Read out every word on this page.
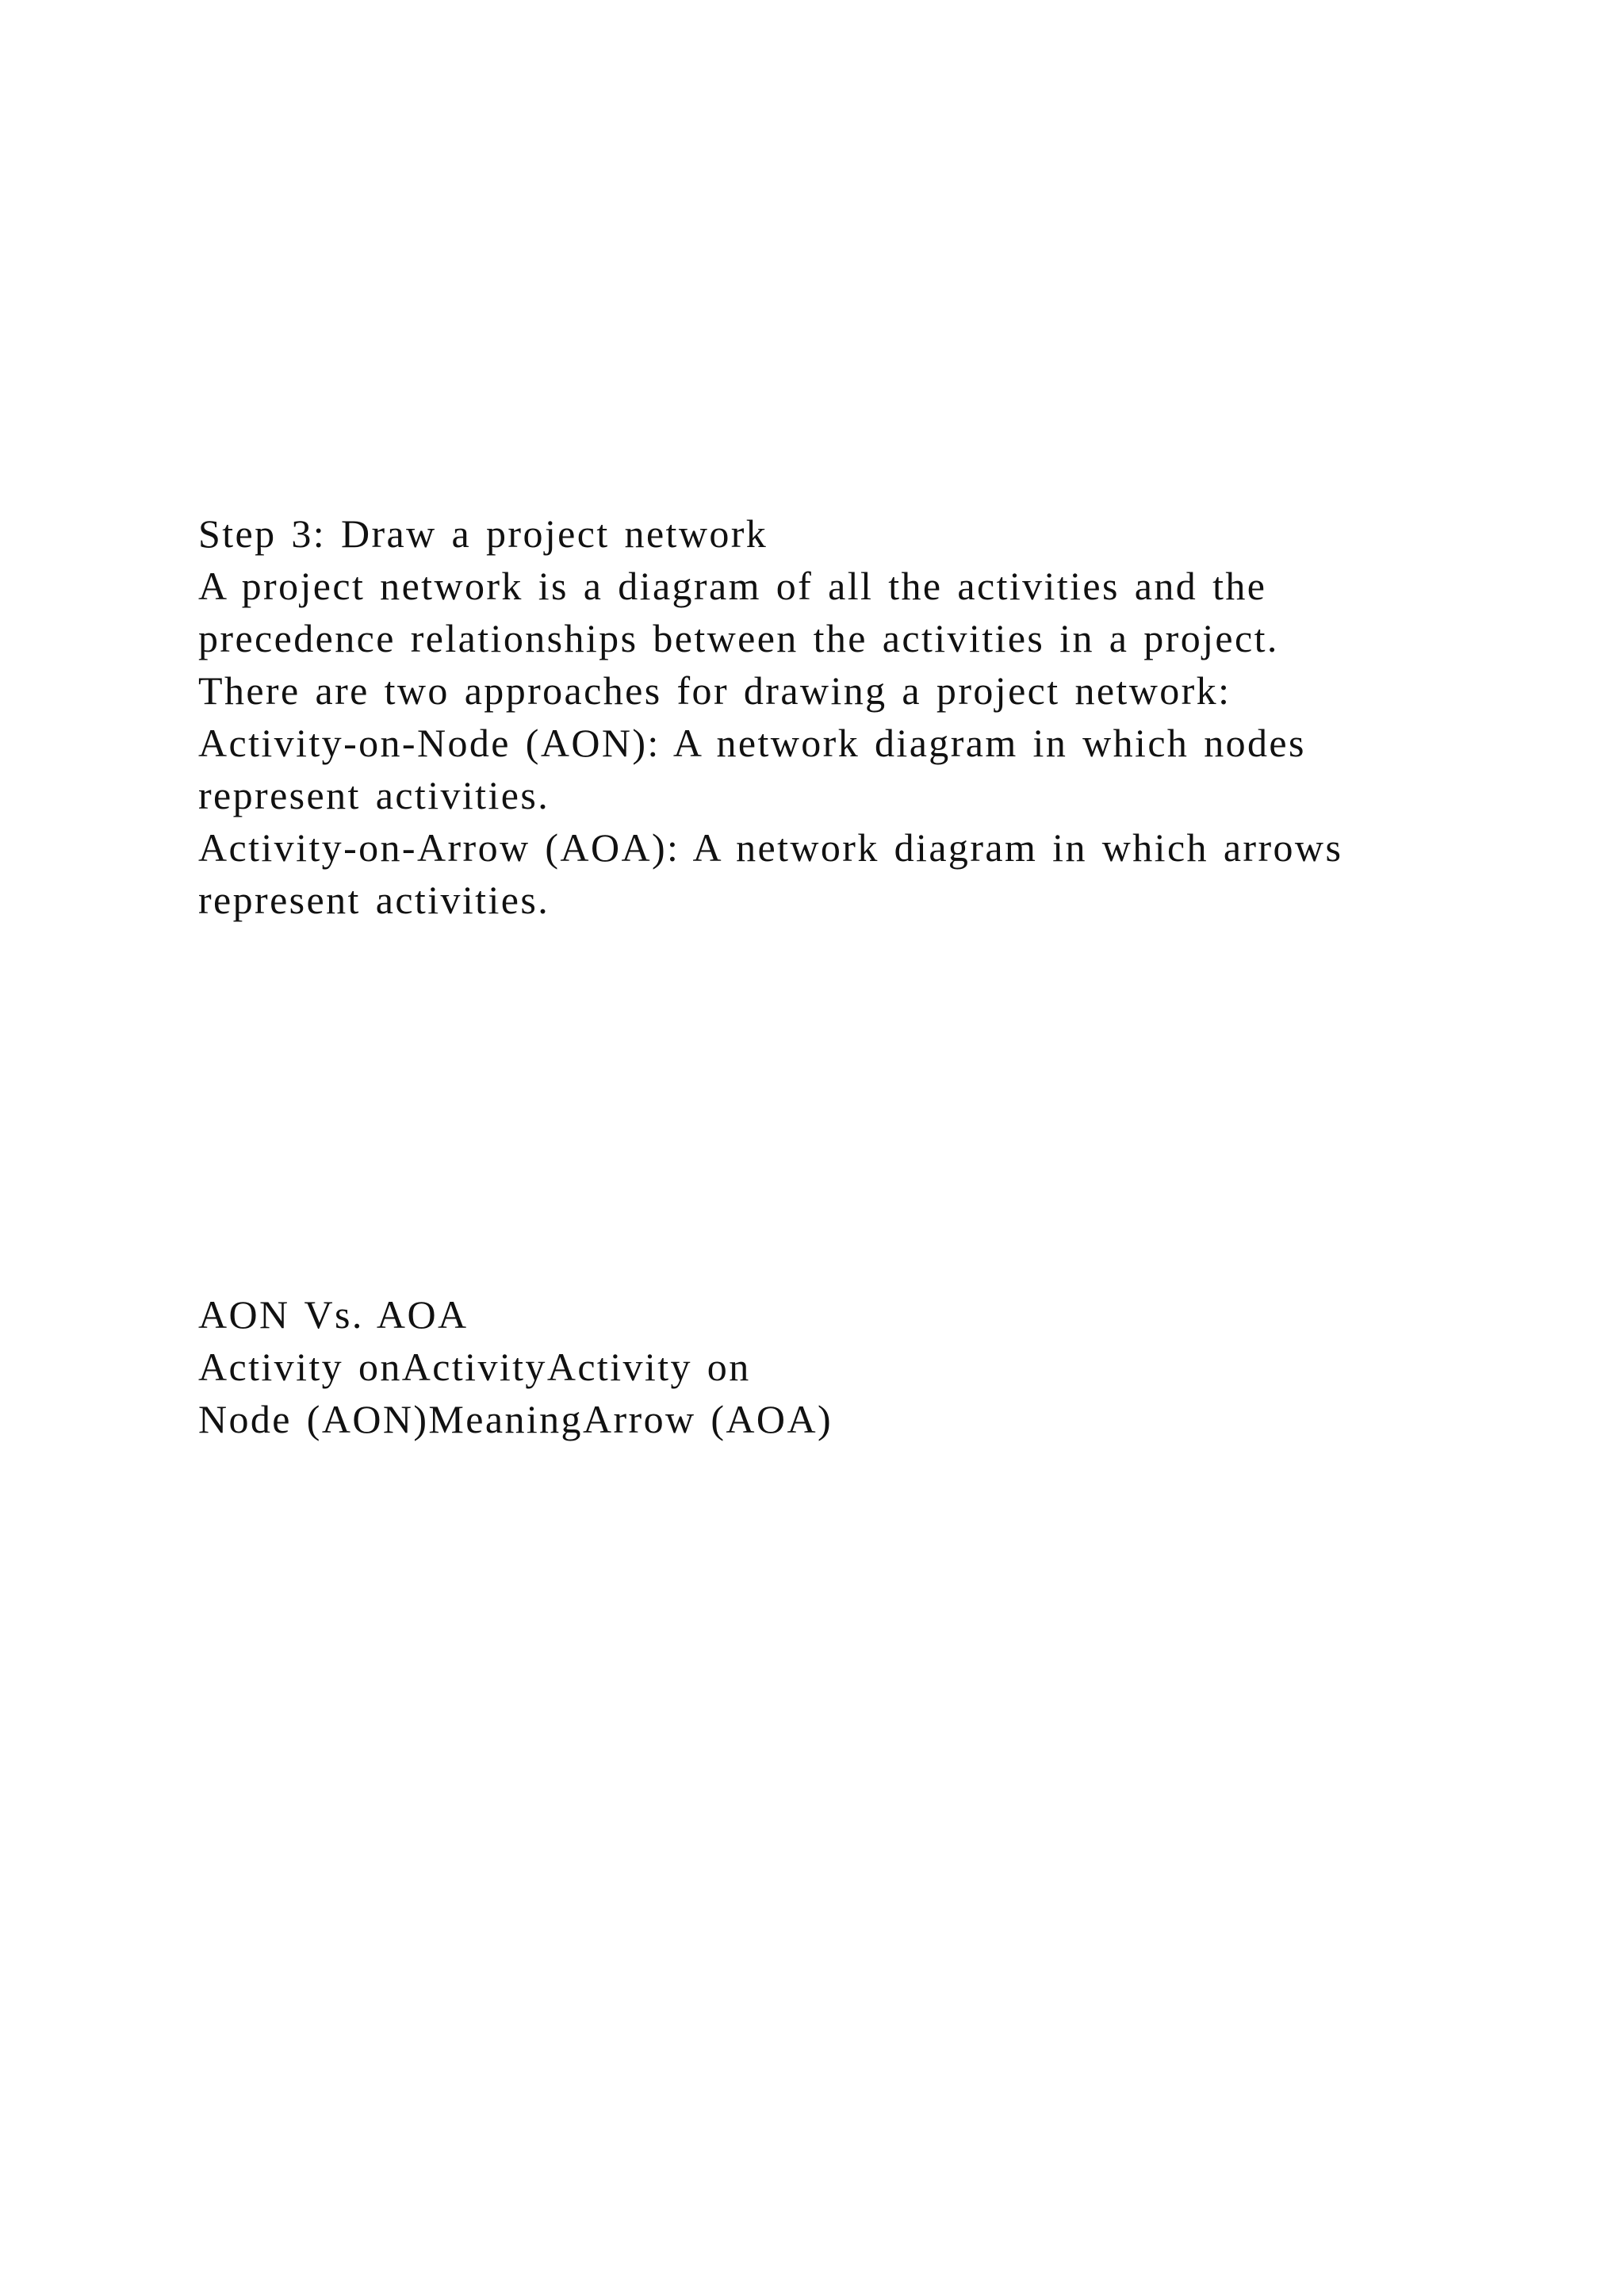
Step 3: Draw a project network
A project network is a diagram of all the activities and the
precedence relationships between the activities in a project.
There are two approaches for drawing a project network:
Activity-on-Node (AON): A network diagram in which nodes
represent activities.
Activity-on-Arrow (AOA): A network diagram in which arrows
represent activities.
AON Vs. AOA
Activity onActivityActivity on
Node (AON)MeaningArrow (AOA)
